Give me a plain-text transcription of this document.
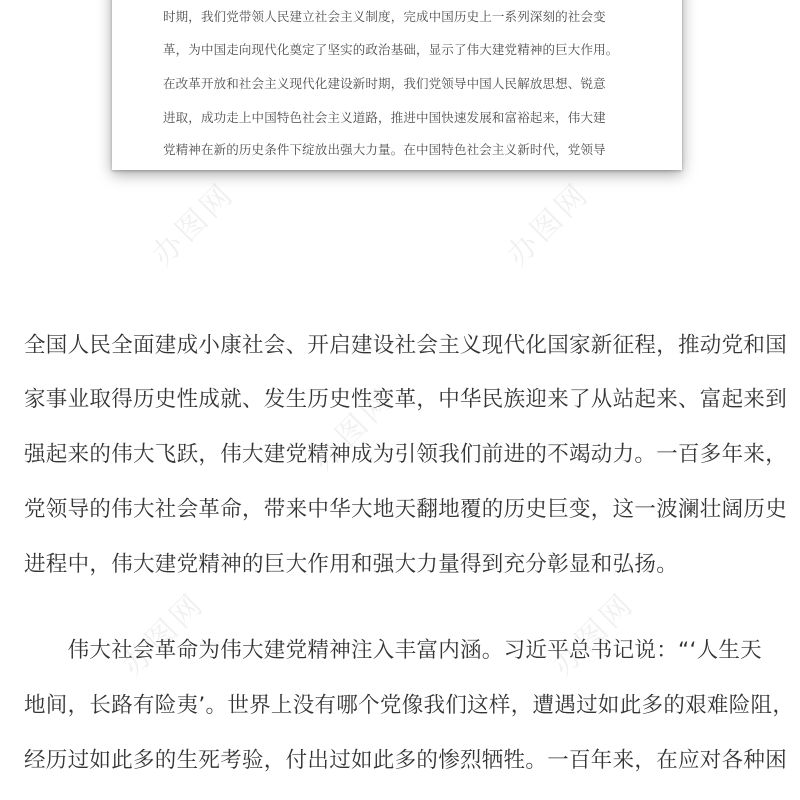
时期，我们党带领人民建立社会主义制度，完成中国历史上一系列深刻的社会变
革，为中国走向现代化奠定了坚实的政治基础，显示了伟大建党精神的巨大作用。
在改革开放和社会主义现代化建设新时期，我们党领导中国人民解放思想、锐意
进取，成功走上中国特色社会主义道路，推进中国快速发展和富裕起来，伟大建
党精神在新的历史条件下绽放出强大力量。在中国特色社会主义新时代，党领导
全国人民全面建成小康社会、开启建设社会主义现代化国家新征程，推动党和国
家事业取得历史性成就、发生历史性变革，中华民族迎来了从站起来、富起来到
强起来的伟大飞跃，伟大建党精神成为引领我们前进的不竭动力。一百多年来，
党领导的伟大社会革命，带来中华大地天翻地覆的历史巨变，这一波澜壮阔历史
进程中，伟大建党精神的巨大作用和强大力量得到充分彰显和弘扬。
　　伟大社会革命为伟大建党精神注入丰富内涵。习近平总书记说：“‘人生天
地间，长路有险夷’。世界上没有哪个党像我们这样，遭遇过如此多的艰难险阻，
经历过如此多的生死考验，付出过如此多的惨烈牺牲。一百年来，在应对各种困
办图网	办图网
办图网
办图网	办图网
